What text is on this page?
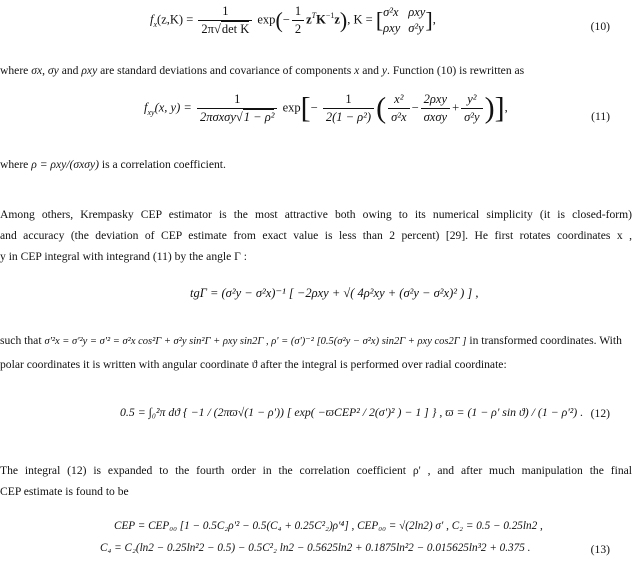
$f_x(z,K) = \frac{1}{\text{2π√det K}} \exp(- \frac{1}{2} z^TK^{-1}z)$, K = [ σ²x ρxy
ρxy σ²y ],
(10)
where σx, σy and ρxy are standard deviations and covariance of components x and y. Function (10) is rewritten as
$f_{xy}(x$, $y) = \frac{1}{\text{2πσxσy√1 − ρ²}} \exp[- \frac{1}{\text{2(1 − ρ²)}}$ ( $\frac{\text{x²}}{\text{σ²x}} - \frac{\text{2ρxy}}{\text{σxσy}} + \frac{\text{y²}}{\text{σ²y}}$ )],
(11)
where ρ = ρxy/(σxσy) is a correlation coefficient.
Among others, Krempasky CEP estimator is the most attractive both owing to its numerical simplicity (it is closed-form)
and accuracy (the deviation of CEP estimate from exact value is less than 2 percent) [29]. He first rotates coordinates x ,
y in CEP integral with integrand (11) by the angle Γ :
tgΓ = (σ²y − σ²x)⁻¹ [ −2ρxy + √( 4ρ²xy + (σ²y − σ²x)² ) ] ,
such that σ'²x = σ'²y = σ'² = σ²x cos²Γ + σ²y sin²Γ + ρxy sin2Γ , ρ' = (σ')⁻² [0.5(σ²y − σ²x) sin2Γ + ρxy cos2Γ ] in transformed coordinates. With
polar coordinates it is written with angular coordinate ϑ after the integral is performed over radial coordinate:
0.5 = ∫₀²π dϑ { −1 / (2πϖ√(1 − ρ')) [ exp( −ϖCEP² / 2(σ')² ) − 1 ] } , ϖ = (1 − ρ' sin ϑ) / (1 − ρ'²) . (12)
The integral (12) is expanded to the fourth order in the correlation coefficient ρ' , and after much manipulation the final
CEP estimate is found to be
CEP = CEP₀₀ [1 − 0.5C₂ρ'² − 0.5(C₄ + 0.25C²₂)ρ'⁴] , CEP₀₀ = √(2ln2) σ' , C₂ = 0.5 − 0.25ln2 ,
C₄ = C₂(ln2 − 0.25ln²2 − 0.5) − 0.5C²₂ ln2 − 0.5625ln2 + 0.1875ln²2 − 0.015625ln³2 + 0.375 .	(13)
